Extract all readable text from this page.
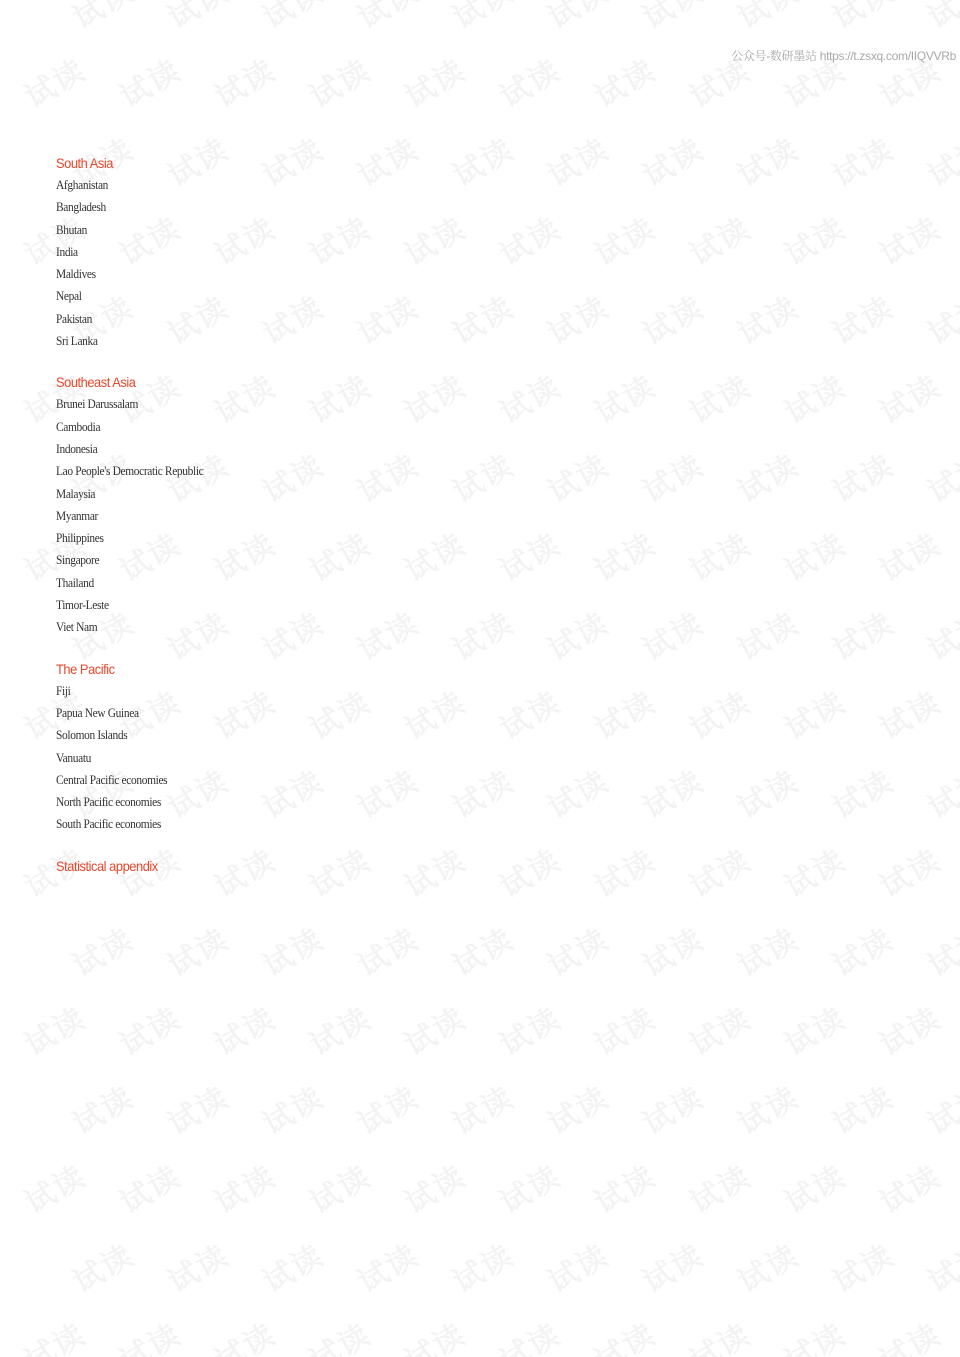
公众号-数研墨站 https://t.zsxq.com/IIQVVRb
South Asia
Afghanistan
Bangladesh
Bhutan
India
Maldives
Nepal
Pakistan
Sri Lanka
Southeast Asia
Brunei Darussalam
Cambodia
Indonesia
Lao People's Democratic Republic
Malaysia
Myanmar
Philippines
Singapore
Thailand
Timor-Leste
Viet Nam
The Pacific
Fiji
Papua New Guinea
Solomon Islands
Vanuatu
Central Pacific economies
North Pacific economies
South Pacific economies
Statistical appendix
